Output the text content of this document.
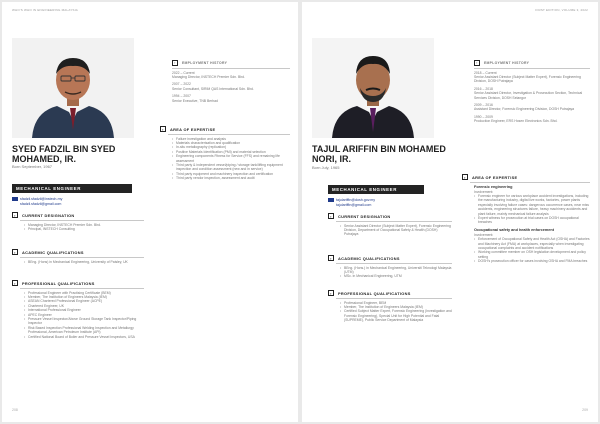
WHO'S WHO IN ENGINEERING MALAYSIA
SYED FADZIL BIN SYED MOHAMED, IR.
Born September, 1967
MECHANICAL ENGINEER
sfadzil.sfadzil@instech-my
sfadzil.sfadzil@gmail.com
›	CURRENT DESIGNATION
• Managing Director, INSTECH Premier Sdn. Bhd.
• Principal, INSTECH Consulting
›	ACADEMIC QUALIFICATIONS
• BEng. (Hons) in Mechanical Engineering, University of Paisley, UK
›	PROFESSIONAL QUALIFICATIONS
• Professional Engineer with Practising Certificate (BEM)
• Member, The Institution of Engineers Malaysia (IEM)
• ASEAN Chartered Professional Engineer (ACPE)
• Chartered Engineer, UK
• International Professional Engineer
• APEC Engineer
• Pressure Vessel Inspector/Above Ground Storage Tank Inspector/Piping Inspector
• Risk Based Inspection Professional Welding Inspection and Metallurgy Professional, American Petroleum Institute (API)
• Certified National Board of Boiler and Pressure Vessel Inspectors, USA
›	EMPLOYMENT HISTORY
2022 – Current
Managing Director, INSTECH Premier Sdn. Bhd.
2007 – 2022
Senior Consultant, SIRIM QAS International Sdn. Bhd.
1994 – 2007
Senior Executive, TNB Berhad
›	AREA OF EXPERTISE
• Failure investigation and analysis
• Materials characterisation and qualification
• In-situ metallography (replication)
• Positive Materials Identification (PMI) and material selection
• Engineering components Fitness for Service (FFS) and remaining life assessment
• Third party & independent vessel/piping / storage tank/lifting equipment inspection and condition assessment (new and in service)
• Third party equipment and machinery inspection and certification
• Third party vendor inspection, assessment and audit
208
FIRST EDITION, VOLUME 3, 2022
TAJUL ARIFFIN BIN MOHAMED NORI, IR.
Born July, 1965
MECHANICAL ENGINEER
tajulariffin@dosh.gov.my
tajulariffin@gmail.com
›	CURRENT DESIGNATION
• Senior Assistant Director (Subject Matter Expert), Forensic Engineering Division, Department of Occupational Safety & Health (DOSH) Putrajaya
›	ACADEMIC QUALIFICATIONS
• BEng. (Hons.) in Mechanical Engineering, Universiti Teknologi Malaysia (UTM)
• MSc. in Mechanical Engineering, UTM
›	PROFESSIONAL QUALIFICATIONS
• Professional Engineer, BEM
• Member, The Institution of Engineers Malaysia (IEM)
• Certified Subject Matter Expert, Forensic Engineering (Investigation and Forensic Engineering), Special Unit for High Potential and Fatal (SUPREME), Public Service Department of Malaysia
›	EMPLOYMENT HISTORY
2018 – Current
Senior Assistant Director (Subject Matter Expert), Forensic Engineering Division, DOSH Putrajaya
2016 – 2018
Senior Assistant Director, Investigation & Prosecution Section, Technical Services Division, DOSH Selangor
2009 – 2016
Assistant Director, Forensic Engineering Division, DOSH Putrajaya
1990 – 2009
Production Engineer, ERS Hosen Electronics Sdn. Bhd.
›	AREA OF EXPERTISE
Forensic engineering
Involvement:
• Forensic engineer for various workplace accident investigations, including the manufacturing industry, digital live works, factories, power plants especially involving failure cases: dangerous occurrence cases, near miss accidents, engineering structures failure, heavy machinery accidents and plant failure, mainly mechanical failure analysis
• Expert witness for prosecution at trial cases on DOSH occupational breaches
Occupational safety and health enforcement
Involvement:
• Enforcement of Occupational Safety and Health Act (OSHA) and Factories and Machinery Act (FMA) at workplaces, especially when investigating occupational complaints and accident notifications
• Working committee member on OSH legislation development and policy setting
• DOSH's prosecution officer for cases involving OSHA and FMA breaches
209
